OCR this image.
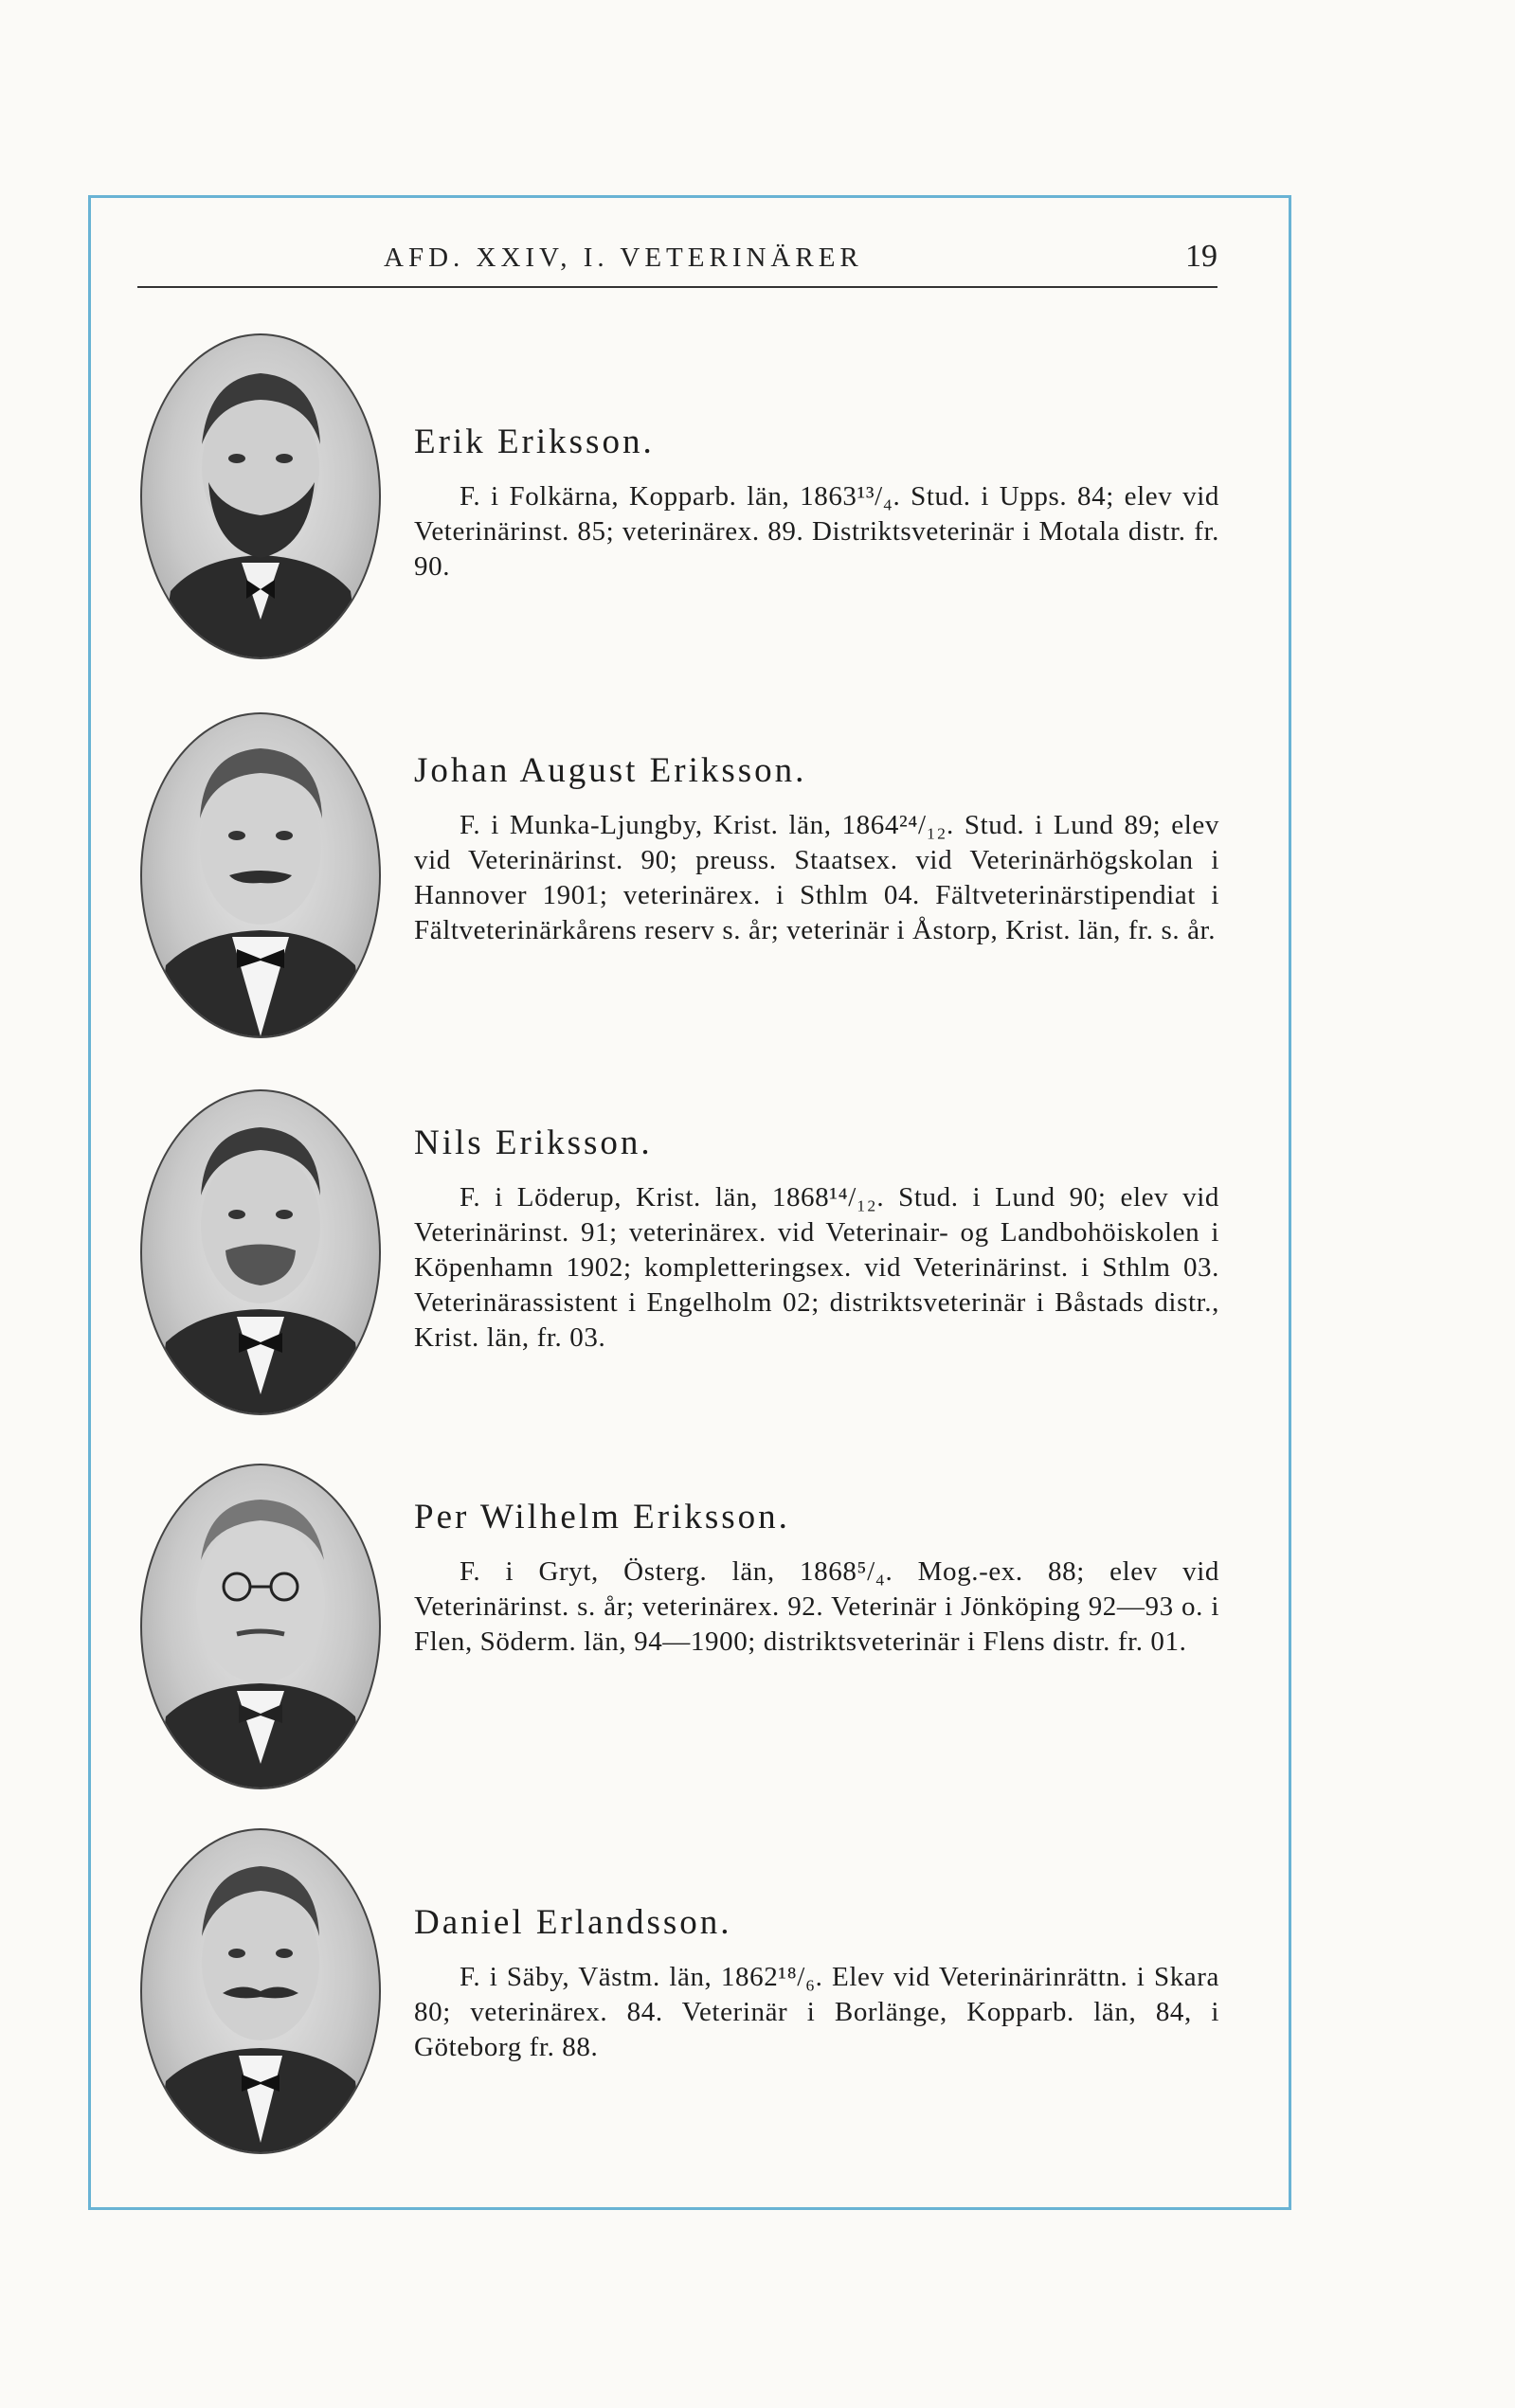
AFD. XXIV, I. VETERINÄRER	19
Erik Eriksson.
F. i Folkärna, Kopparb. län, 1863¹³/₄. Stud. i Upps. 84; elev vid Veterinärinst. 85; veterinärex. 89. Distriktsveterinär i Motala distr. fr. 90.
Johan August Eriksson.
F. i Munka-Ljungby, Krist. län, 1864²⁴/₁₂. Stud. i Lund 89; elev vid Veterinärinst. 90; preuss. Staatsex. vid Veterinärhögskolan i Hannover 1901; veterinärex. i Sthlm 04. Fältveterinärstipendiat i Fältveterinärkårens reserv s. år; veterinär i Åstorp, Krist. län, fr. s. år.
Nils Eriksson.
F. i Löderup, Krist. län, 1868¹⁴/₁₂. Stud. i Lund 90; elev vid Veterinärinst. 91; veterinärex. vid Veterinair- og Landbohöiskolen i Köpenhamn 1902; kompletteringsex. vid Veterinärinst. i Sthlm 03. Veterinärassistent i Engelholm 02; distriktsveterinär i Båstads distr., Krist. län, fr. 03.
Per Wilhelm Eriksson.
F. i Gryt, Österg. län, 1868⁵/₄. Mog.-ex. 88; elev vid Veterinärinst. s. år; veterinärex. 92. Veterinär i Jönköping 92—93 o. i Flen, Söderm. län, 94—1900; distriktsveterinär i Flens distr. fr. 01.
Daniel Erlandsson.
F. i Säby, Västm. län, 1862¹⁸/₆. Elev vid Veterinärinrättn. i Skara 80; veterinärex. 84. Veterinär i Borlänge, Kopparb. län, 84, i Göteborg fr. 88.
